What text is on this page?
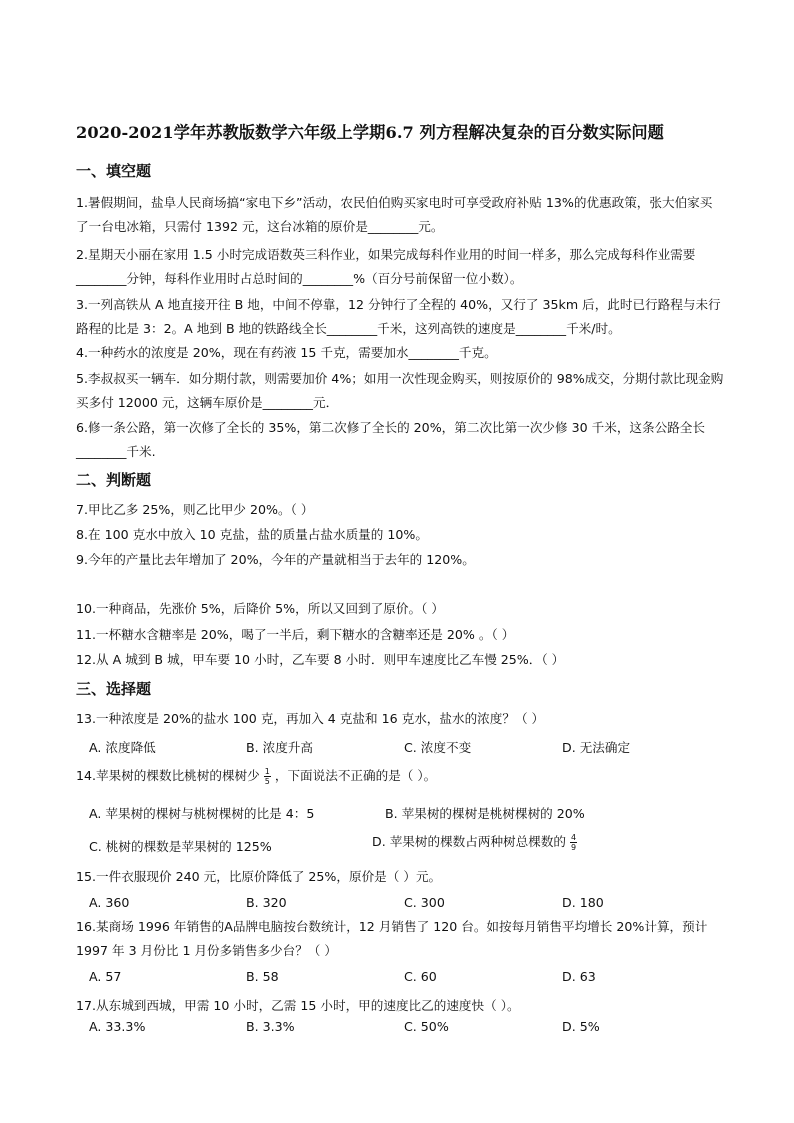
2020-2021学年苏教版数学六年级上学期6.7 列方程解决复杂的百分数实际问题
一、填空题
1.暑假期间，盐阜人民商场搞“家电下乡”活动，农民伯伯购买家电时可享受政府补贴 13%的优惠政策，张大伯家买了一台电冰箱，只需付 1392 元，这台冰箱的原价是________元。
2.星期天小丽在家用 1.5 小时完成语数英三科作业，如果完成每科作业用的时间一样多，那么完成每科作业需要________分钟，每科作业用时占总时间的________%（百分号前保留一位小数）。
3.一列高铁从 A 地直接开往 B 地，中间不停靠，12 分钟行了全程的 40%，又行了 35km 后，此时已行路程与未行路程的比是 3：2。A 地到 B 地的铁路线全长________千米，这列高铁的速度是________千米/时。
4.一种药水的浓度是 20%，现在有药液 15 千克，需要加水________千克。
5.李叔叔买一辆车．如分期付款，则需要加价 4%；如用一次性现金购买，则按原价的 98%成交，分期付款比现金购买多付 12000 元，这辆车原价是________元．
6.修一条公路，第一次修了全长的 35%，第二次修了全长的 20%，第二次比第一次少修 30 千米，这条公路全长________千米.
二、判断题
7.甲比乙多 25%，则乙比甲少 20%。（ ）
8.在 100 克水中放入 10 克盐，盐的质量占盐水质量的 10%。
9.今年的产量比去年增加了 20%，今年的产量就相当于去年的 120%。
10.一种商品，先涨价 5%，后降价 5%，所以又回到了原价。（ ）
11.一杯糖水含糖率是 20%，喝了一半后，剩下糖水的含糖率还是 20% 。（ ）
12.从 A 城到 B 城，甲车要 10 小时，乙车要 8 小时．则甲车速度比乙车慢 25%．（ ）
三、选择题
13.一种浓度是 20%的盐水 100 克，再加入 4 克盐和 16 克水，盐水的浓度？（ ）
A. 浓度降低	B. 浓度升高	C. 浓度不变	D. 无法确定
14.苹果树的棵数比桃树的棵树少 $\frac{1}{5}$ ，下面说法不正确的是（ ）。
A. 苹果树的棵树与桃树棵树的比是 4：5	B. 苹果树的棵树是桃树棵树的 20%
C. 桃树的棵数是苹果树的 125%	D. 苹果树的棵数占两种树总棵数的 $\frac{4}{9}$
15.一件衣服现价 240 元，比原价降低了 25%，原价是（ ）元。
A. 360	B. 320	C. 300	D. 180
16.某商场 1996 年销售的A品牌电脑按台数统计，12 月销售了 120 台。如按每月销售平均增长 20%计算，预计 1997 年 3 月份比 1 月份多销售多少台？（ ）
A. 57	B. 58	C. 60	D. 63
17.从东城到西城，甲需 10 小时，乙需 15 小时，甲的速度比乙的速度快（ ）。
A. 33.3%	B. 3.3%	C. 50%	D. 5%
